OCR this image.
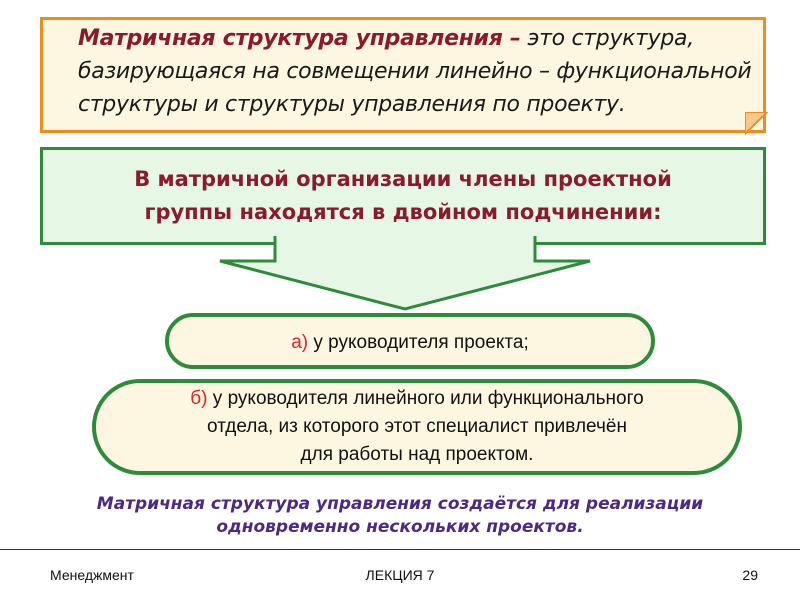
Матричная структура управления – это структура, базирующаяся на совмещении линейно – функциональной структуры и структуры управления по проекту.
В матричной организации члены проектной
группы находятся в двойном подчинении:
а) у руководителя проекта;
б) у руководителя линейного или функционального
отдела, из которого этот специалист привлечён
для работы над проектом.
Матричная структура управления создаётся для реализации
одновременно нескольких проектов.
Менеджмент	ЛЕКЦИЯ 7	29
